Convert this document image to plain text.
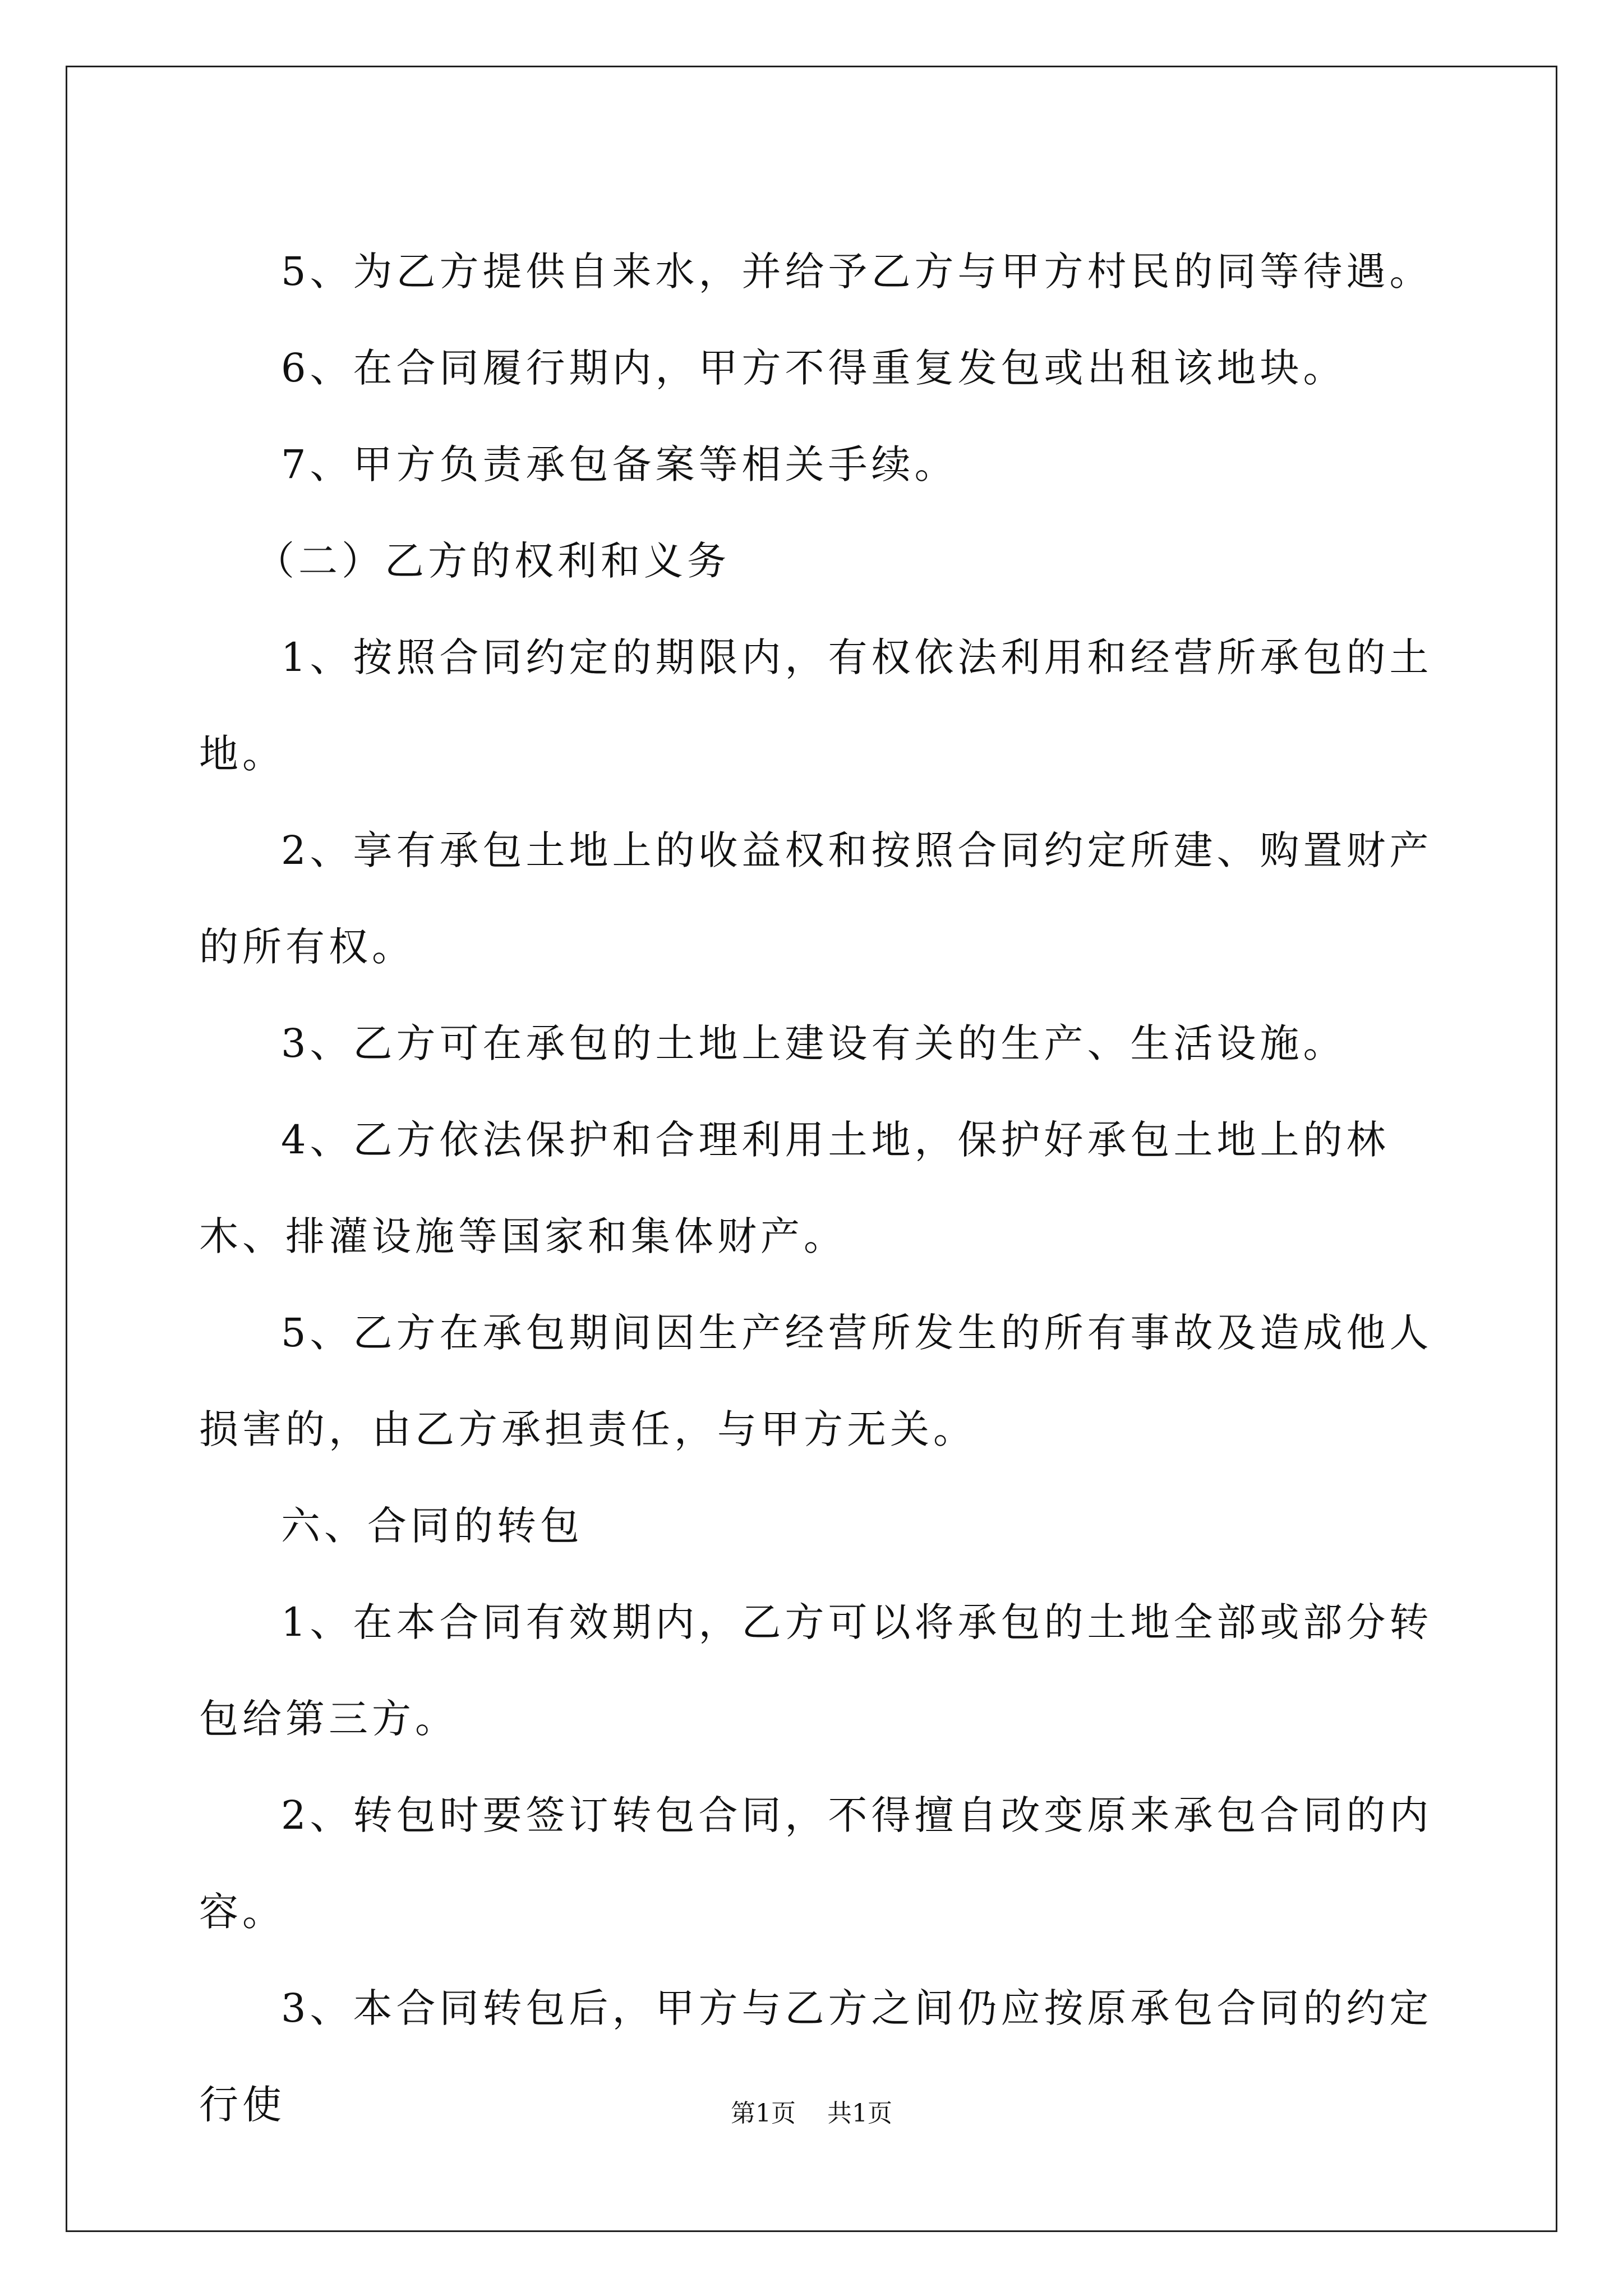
5、为乙方提供自来水，并给予乙方与甲方村民的同等待遇。

6、在合同履行期内，甲方不得重复发包或出租该地块。

7、甲方负责承包备案等相关手续。

（二）乙方的权利和义务

1、按照合同约定的期限内，有权依法利用和经营所承包的土地。

2、享有承包土地上的收益权和按照合同约定所建、购置财产的所有权。

3、乙方可在承包的土地上建设有关的生产、生活设施。

4、乙方依法保护和合理利用土地，保护好承包土地上的林木、排灌设施等国家和集体财产。

5、乙方在承包期间因生产经营所发生的所有事故及造成他人损害的，由乙方承担责任，与甲方无关。

六、合同的转包

1、在本合同有效期内，乙方可以将承包的土地全部或部分转包给第三方。

2、转包时要签订转包合同，不得擅自改变原来承包合同的内容。

3、本合同转包后，甲方与乙方之间仍应按原承包合同的约定行使	第1页 共1页
